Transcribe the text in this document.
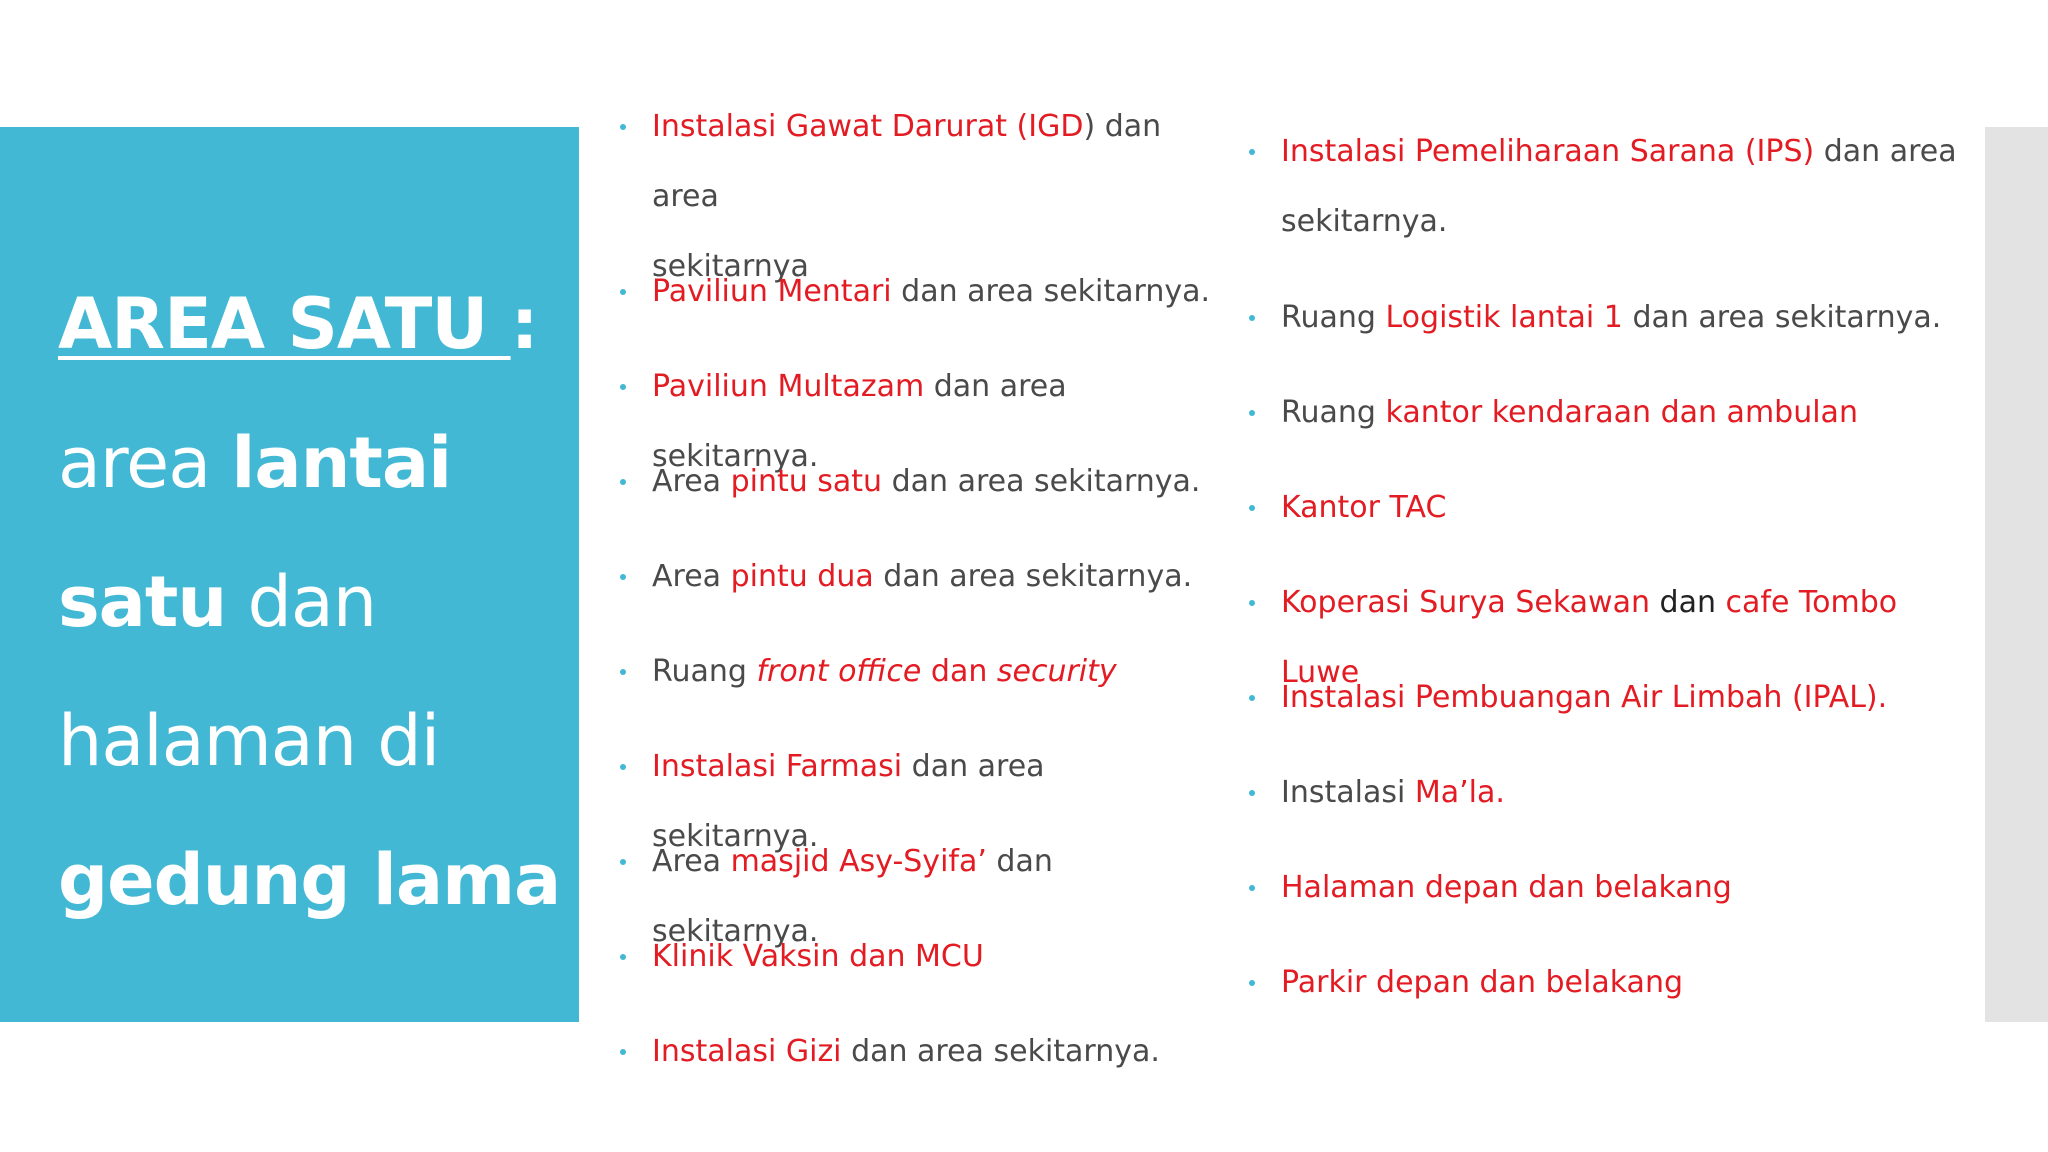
AREA SATU :
area lantai
satu dan
halaman di
gedung lama
Instalasi Gawat Darurat (IGD) dan area
sekitarnya
Paviliun Mentari dan area sekitarnya.
Paviliun Multazam dan area sekitarnya.
Area pintu satu dan area sekitarnya.
Area pintu dua dan area sekitarnya.
Ruang front office dan security
Instalasi Farmasi dan area sekitarnya.
Area masjid Asy-Syifa’ dan sekitarnya.
Klinik Vaksin dan MCU
Instalasi Gizi dan area sekitarnya.
Instalasi Pemeliharaan Sarana (IPS) dan area
sekitarnya.
Ruang Logistik lantai 1 dan area sekitarnya.
Ruang kantor kendaraan dan ambulan
Kantor TAC
Koperasi Surya Sekawan dan cafe Tombo Luwe
Instalasi Pembuangan Air Limbah (IPAL).
Instalasi Ma’la.
Halaman depan dan belakang
Parkir depan dan belakang
